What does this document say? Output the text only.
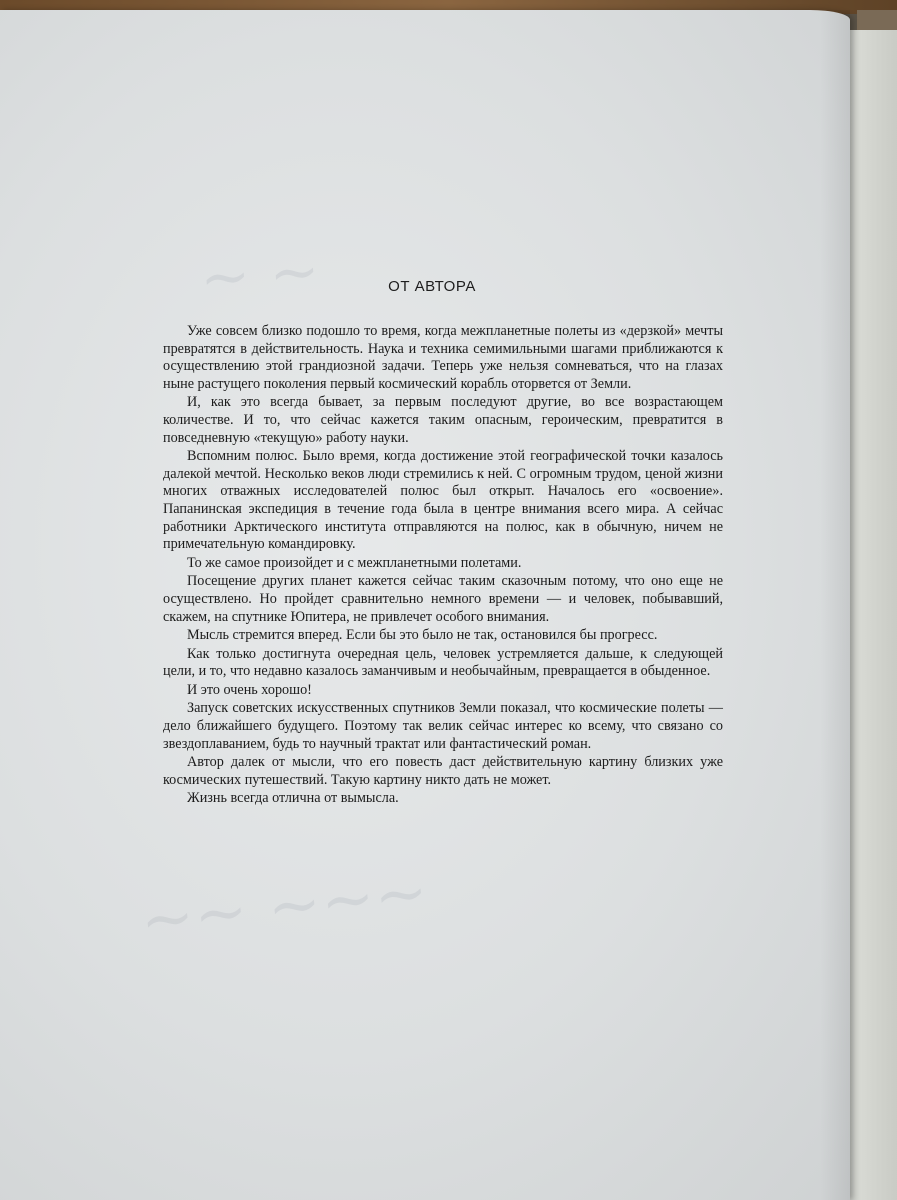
~ ~
~~ ~~~
ОТ АВТОРА

Уже совсем близко подошло то время, когда межпланетные полеты из «дерзкой» мечты превратятся в действительность. Наука и техника семимильными шагами приближаются к осуществлению этой грандиозной задачи. Теперь уже нельзя сомневаться, что на глазах ныне растущего поколения первый космический корабль оторвется от Земли.

И, как это всегда бывает, за первым последуют другие, во все возрастающем количестве. И то, что сейчас кажется таким опасным, героическим, превратится в повседневную «текущую» работу науки.

Вспомним полюс. Было время, когда достижение этой географической точки казалось далекой мечтой. Несколько веков люди стремились к ней. С огромным трудом, ценой жизни многих отважных исследователей полюс был открыт. Началось его «освоение». Папанинская экспедиция в течение года была в центре внимания всего мира. А сейчас работники Арктического института отправляются на полюс, как в обычную, ничем не примечательную командировку.

То же самое произойдет и с межпланетными полетами.

Посещение других планет кажется сейчас таким сказочным потому, что оно еще не осуществлено. Но пройдет сравнительно немного времени — и человек, побывавший, скажем, на спутнике Юпитера, не привлечет особого внимания.

Мысль стремится вперед. Если бы это было не так, остановился бы прогресс.

Как только достигнута очередная цель, человек устремляется дальше, к следующей цели, и то, что недавно казалось заманчивым и необычайным, превращается в обыденное.

И это очень хорошо!

Запуск советских искусственных спутников Земли показал, что космические полеты — дело ближайшего будущего. Поэтому так велик сейчас интерес ко всему, что связано со звездоплаванием, будь то научный трактат или фантастический роман.

Автор далек от мысли, что его повесть даст действительную картину близких уже космических путешествий. Такую картину никто дать не может.

Жизнь всегда отлична от вымысла.
